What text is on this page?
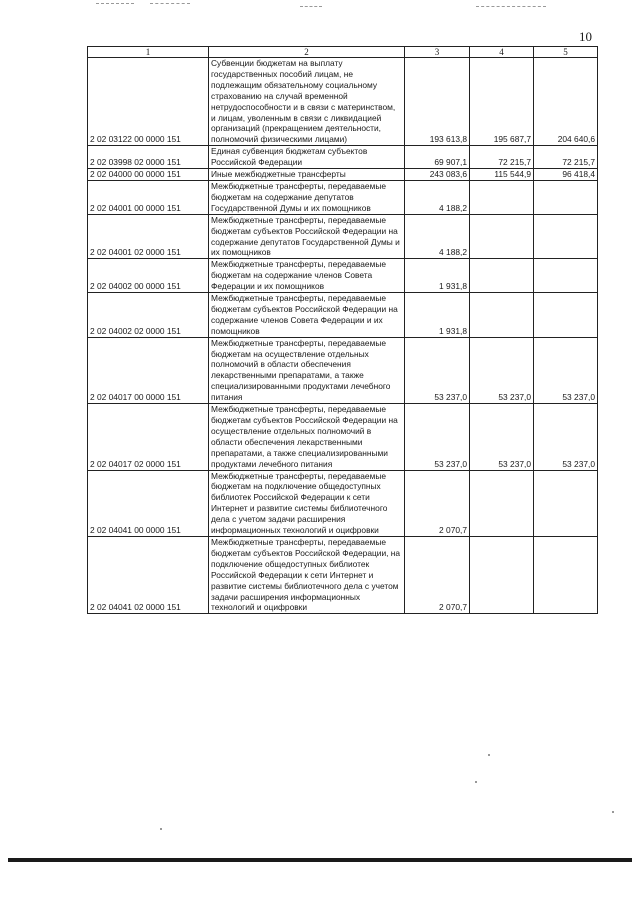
10
1	2	3	4	5
2 02 03122 00 0000 151	Субвенции бюджетам на выплату государственных пособий лицам, не подлежащим обязательному социальному страхованию на случай временной нетрудоспособности и в связи с материнством, и лицам, уволенным в связи с ликвидацией организаций (прекращением деятельности, полномочий физическими лицами)	193 613,8	195 687,7	204 640,6
2 02 03998 02 0000 151	Единая субвенция бюджетам субъектов Российской Федерации	69 907,1	72 215,7	72 215,7
2 02 04000 00 0000 151	Иные межбюджетные трансферты	243 083,6	115 544,9	96 418,4
2 02 04001 00 0000 151	Межбюджетные трансферты, передаваемые бюджетам на содержание депутатов Государственной Думы и их помощников	4 188,2		
2 02 04001 02 0000 151	Межбюджетные трансферты, передаваемые бюджетам субъектов Российской Федерации на содержание депутатов Государственной Думы и их помощников	4 188,2		
2 02 04002 00 0000 151	Межбюджетные трансферты, передаваемые бюджетам на содержание членов Совета Федерации и их помощников	1 931,8		
2 02 04002 02 0000 151	Межбюджетные трансферты, передаваемые бюджетам субъектов Российской Федерации на содержание членов Совета Федерации и их помощников	1 931,8		
2 02 04017 00 0000 151	Межбюджетные трансферты, передаваемые бюджетам на осуществление отдельных полномочий в области обеспечения лекарственными препаратами, а также специализированными продуктами лечебного питания	53 237,0	53 237,0	53 237,0
2 02 04017 02 0000 151	Межбюджетные трансферты, передаваемые бюджетам субъектов Российской Федерации на осуществление отдельных полномочий в области обеспечения лекарственными препаратами, а также специализированными продуктами лечебного питания	53 237,0	53 237,0	53 237,0
2 02 04041 00 0000 151	Межбюджетные трансферты, передаваемые бюджетам на подключение общедоступных библиотек Российской Федерации к сети Интернет и развитие системы библиотечного дела с учетом задачи расширения информационных технологий и оцифровки	2 070,7		
2 02 04041 02 0000 151	Межбюджетные трансферты, передаваемые бюджетам субъектов Российской Федерации, на подключение общедоступных библиотек Российской Федерации к сети Интернет и развитие системы библиотечного дела с учетом задачи расширения информационных технологий и оцифровки	2 070,7		
